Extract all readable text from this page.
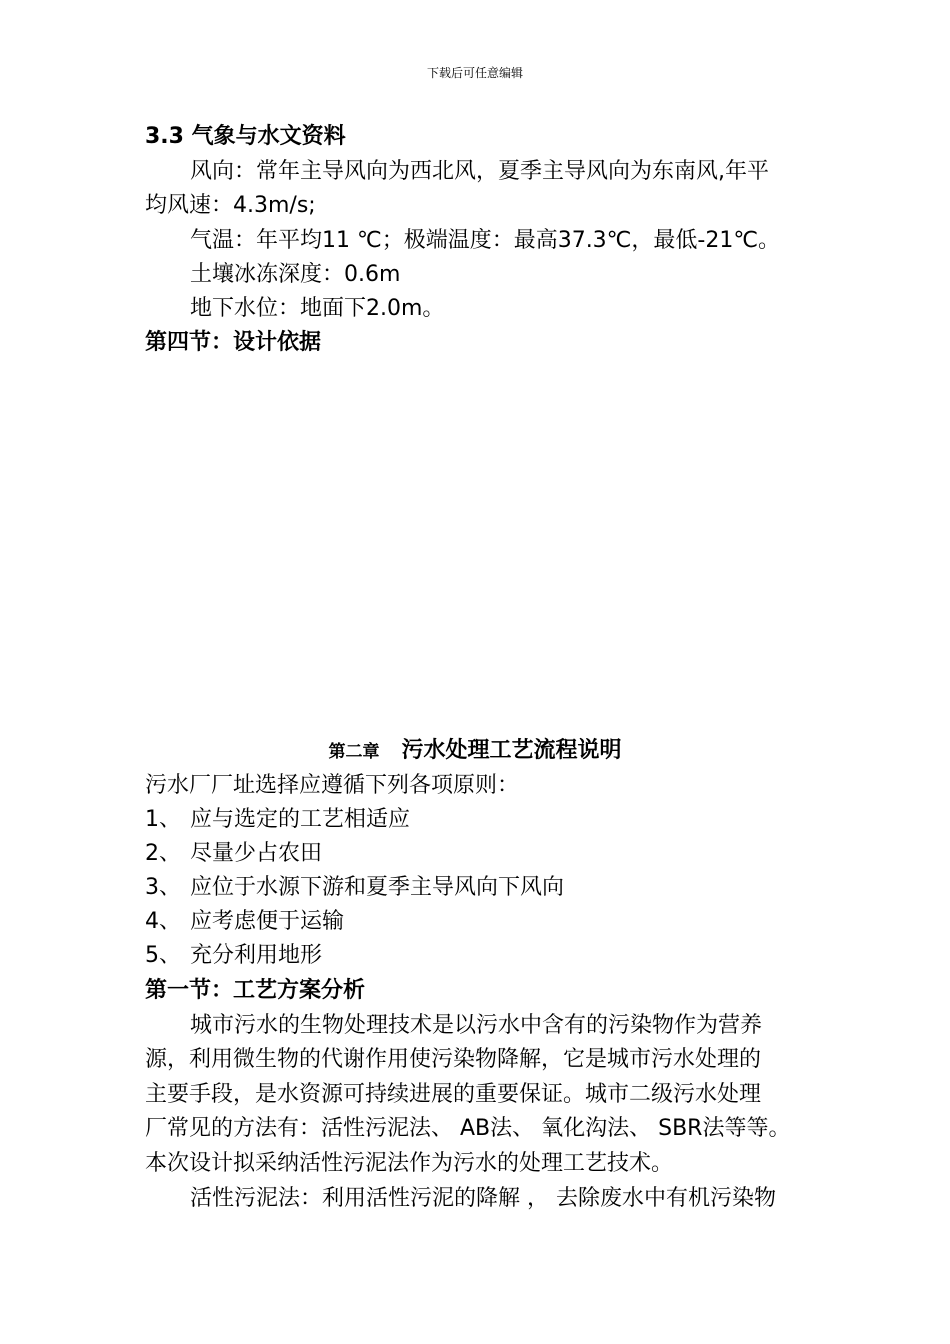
下载后可任意编辑
3.3 气象与水文资料
风向：常年主导风向为西北风，夏季主导风向为东南风,年平
均风速：4.3m/s;
气温：年平均11 ℃；极端温度：最高37.3℃，最低-21℃。
土壤冰冻深度：0.6m
地下水位：地面下2.0m。
第四节：设计依据
第二章 污水处理工艺流程说明
污水厂厂址选择应遵循下列各项原则：
1、 应与选定的工艺相适应
2、 尽量少占农田
3、 应位于水源下游和夏季主导风向下风向
4、 应考虑便于运输
5、 充分利用地形
第一节：工艺方案分析
城市污水的生物处理技术是以污水中含有的污染物作为营养
源，利用微生物的代谢作用使污染物降解，它是城市污水处理的
主要手段，是水资源可持续进展的重要保证。城市二级污水处理
厂常见的方法有：活性污泥法、 AB法、 氧化沟法、 SBR法等等。
本次设计拟采纳活性污泥法作为污水的处理工艺技术。
活性污泥法：利用活性污泥的降解 ， 去除废水中有机污染物
